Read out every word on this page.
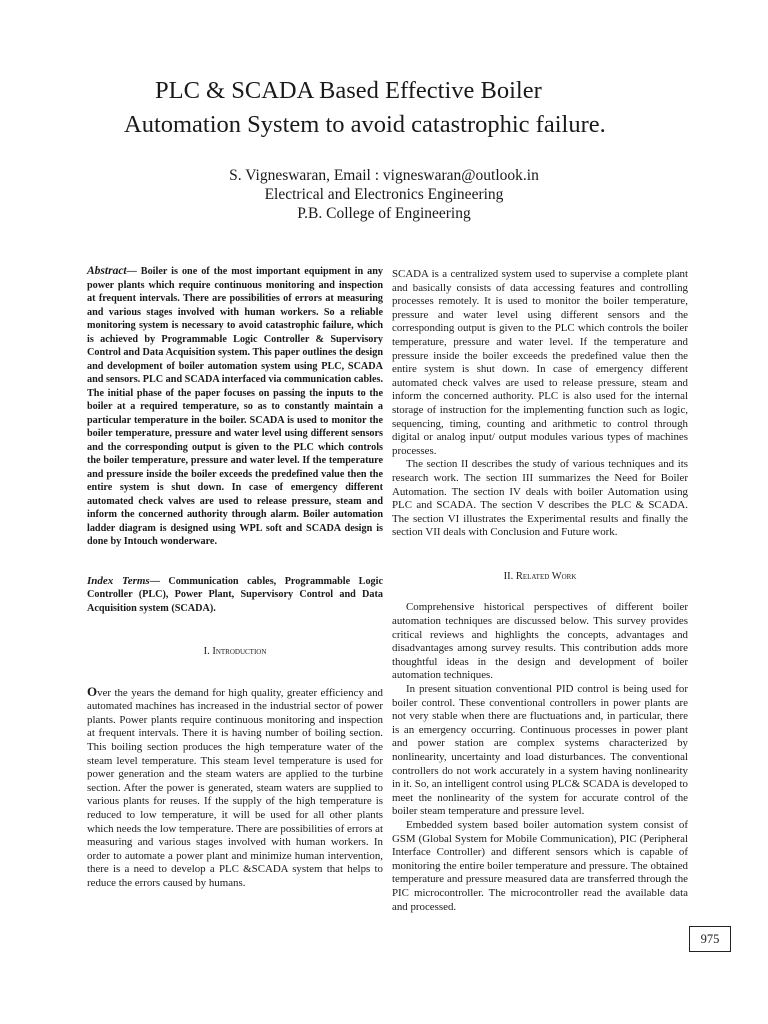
PLC & SCADA Based Effective Boiler
Automation System to avoid catastrophic failure.
S. Vigneswaran, Email : vigneswaran@outlook.in
Electrical and Electronics Engineering
P.B. College of Engineering

Abstract— Boiler is one of the most important equipment in any power plants which require continuous monitoring and inspection at frequent intervals. There are possibilities of errors at measuring and various stages involved with human workers. So a reliable monitoring system is necessary to avoid catastrophic failure, which is achieved by Programmable Logic Controller & Supervisory Control and Data Acquisition system. This paper outlines the design and development of boiler automation system using PLC, SCADA and sensors. PLC and SCADA interfaced via communication cables. The initial phase of the paper focuses on passing the inputs to the boiler at a required temperature, so as to constantly maintain a particular temperature in the boiler. SCADA is used to monitor the boiler temperature, pressure and water level using different sensors and the corresponding output is given to the PLC which controls the boiler temperature, pressure and water level. If the temperature and pressure inside the boiler exceeds the predefined value then the entire system is shut down. In case of emergency different automated check valves are used to release pressure, steam and inform the concerned authority through alarm. Boiler automation ladder diagram is designed using WPL soft and SCADA design is done by Intouch wonderware.

Index Terms— Communication cables, Programmable Logic Controller (PLC), Power Plant, Supervisory Control and Data Acquisition system (SCADA).

I. Introduction

Over the years the demand for high quality, greater efficiency and automated machines has increased in the industrial sector of power plants. Power plants require continuous monitoring and inspection at frequent intervals. There it is having number of boiling section. This boiling section produces the high temperature water of the steam level temperature. This steam level temperature is used for power generation and the steam waters are applied to the turbine section. After the power is generated, steam waters are supplied to various plants for reuses. If the supply of the high temperature is reduced to low temperature, it will be used for all other plants which needs the low temperature. There are possibilities of errors at measuring and various stages involved with human workers. In order to automate a power plant and minimize human intervention, there is a need to develop a PLC &SCADA system that helps to reduce the errors caused by humans.

SCADA is a centralized system used to supervise a complete plant and basically consists of data accessing features and controlling processes remotely. It is used to monitor the boiler temperature, pressure and water level using different sensors and the corresponding output is given to the PLC which controls the boiler temperature, pressure and water level. If the temperature and pressure inside the boiler exceeds the predefined value then the entire system is shut down. In case of emergency different automated check valves are used to release pressure, steam and inform the concerned authority. PLC is also used for the internal storage of instruction for the implementing function such as logic, sequencing, timing, counting and arithmetic to control through digital or analog input/ output modules various types of machines processes.

The section II describes the study of various techniques and its research work. The section III summarizes the Need for Boiler Automation. The section IV deals with boiler Automation using PLC and SCADA. The section V describes the PLC & SCADA. The section VI illustrates the Experimental results and finally the section VII deals with Conclusion and Future work.

II. Related Work

Comprehensive historical perspectives of different boiler automation techniques are discussed below. This survey provides critical reviews and highlights the concepts, advantages and disadvantages among survey results. This contribution adds more thoughtful ideas in the design and development of boiler automation techniques.

In present situation conventional PID control is being used for boiler control. These conventional controllers in power plants are not very stable when there are fluctuations and, in particular, there is an emergency occurring. Continuous processes in power plant and power station are complex systems characterized by nonlinearity, uncertainty and load disturbances. The conventional controllers do not work accurately in a system having nonlinearity in it. So, an intelligent control using PLC& SCADA is developed to meet the nonlinearity of the system for accurate control of the boiler steam temperature and pressure level.

Embedded system based boiler automation system consist of GSM (Global System for Mobile Communication), PIC (Peripheral Interface Controller) and different sensors which is capable of monitoring the entire boiler temperature and pressure. The obtained temperature and pressure measured data are transferred through the PIC microcontroller. The microcontroller read the available data and processed.

975
